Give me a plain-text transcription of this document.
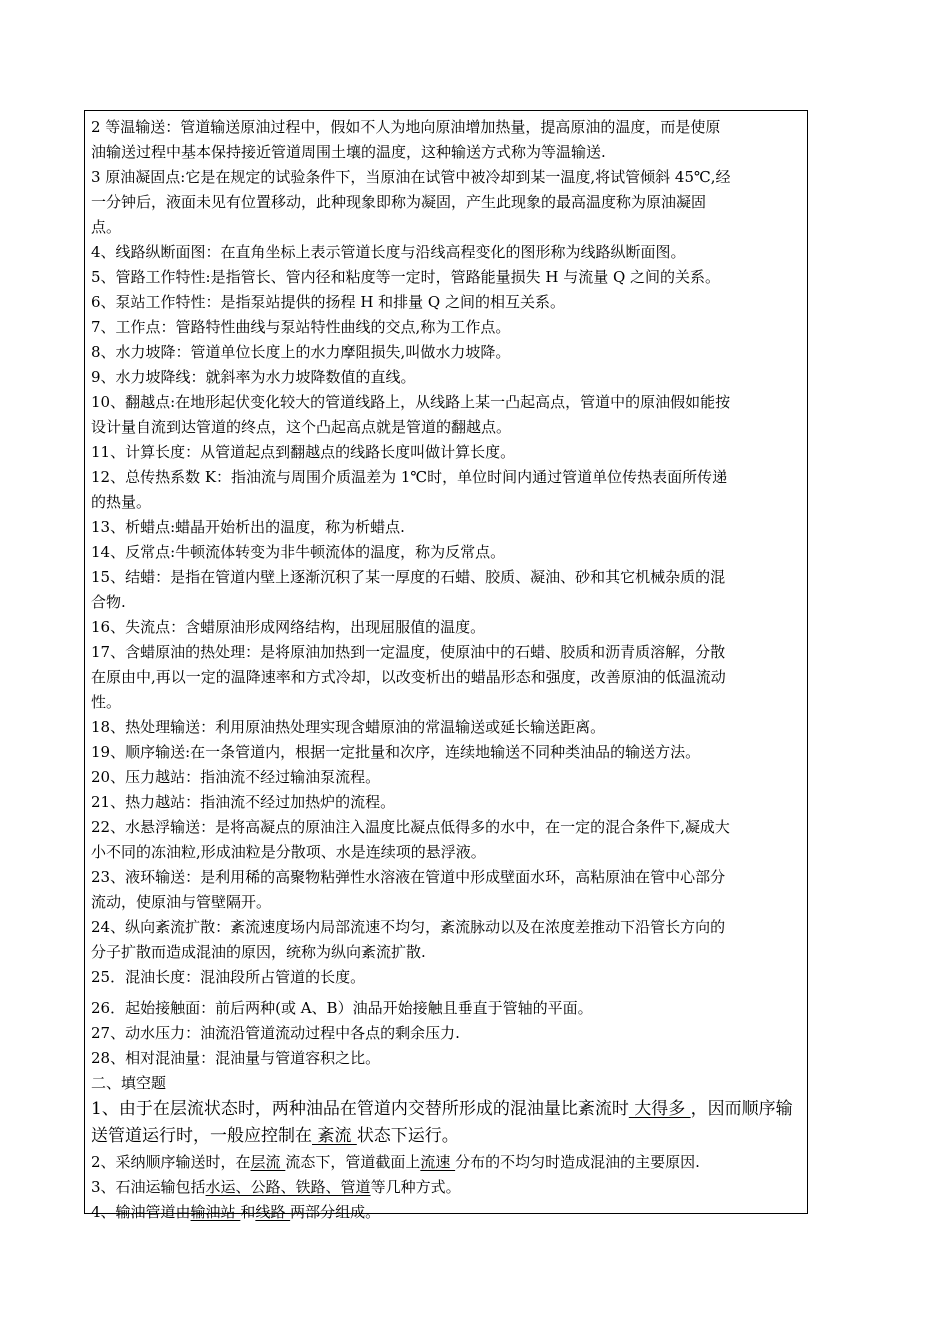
2 等温输送：管道输送原油过程中，假如不人为地向原油增加热量，提高原油的温度，而是使原
油输送过程中基本保持接近管道周围土壤的温度，这种输送方式称为等温输送.
3 原油凝固点:它是在规定的试验条件下，当原油在试管中被冷却到某一温度,将试管倾斜 45℃,经
一分钟后，液面未见有位置移动，此种现象即称为凝固，产生此现象的最高温度称为原油凝固
点。
4、线路纵断面图：在直角坐标上表示管道长度与沿线高程变化的图形称为线路纵断面图。
5、管路工作特性:是指管长、管内径和粘度等一定时，管路能量损失 H 与流量 Q 之间的关系。
6、泵站工作特性：是指泵站提供的扬程 H 和排量 Q 之间的相互关系。
7、工作点：管路特性曲线与泵站特性曲线的交点,称为工作点。
8、水力坡降：管道单位长度上的水力摩阻损失,叫做水力坡降。
9、水力坡降线：就斜率为水力坡降数值的直线。
10、翻越点:在地形起伏变化较大的管道线路上，从线路上某一凸起高点，管道中的原油假如能按
设计量自流到达管道的终点，这个凸起高点就是管道的翻越点。
11、计算长度：从管道起点到翻越点的线路长度叫做计算长度。
12、总传热系数 K：指油流与周围介质温差为 1℃时，单位时间内通过管道单位传热表面所传递
的热量。
13、析蜡点:蜡晶开始析出的温度，称为析蜡点.
14、反常点:牛顿流体转变为非牛顿流体的温度，称为反常点。
15、结蜡：是指在管道内壁上逐渐沉积了某一厚度的石蜡、胶质、凝油、砂和其它机械杂质的混
合物.
16、失流点：含蜡原油形成网络结构，出现屈服值的温度。
17、含蜡原油的热处理：是将原油加热到一定温度，使原油中的石蜡、胶质和沥青质溶解，分散
在原由中,再以一定的温降速率和方式冷却，以改变析出的蜡晶形态和强度，改善原油的低温流动
性。
18、热处理输送：利用原油热处理实现含蜡原油的常温输送或延长输送距离。
19、顺序输送:在一条管道内，根据一定批量和次序，连续地输送不同种类油品的输送方法。
20、压力越站：指油流不经过输油泵流程。
21、热力越站：指油流不经过加热炉的流程。
22、水悬浮输送：是将高凝点的原油注入温度比凝点低得多的水中，在一定的混合条件下,凝成大
小不同的冻油粒,形成油粒是分散项、水是连续项的悬浮液。
23、液环输送：是利用稀的高聚物粘弹性水溶液在管道中形成壁面水环，高粘原油在管中心部分
流动，使原油与管壁隔开。
24、纵向紊流扩散：紊流速度场内局部流速不均匀，紊流脉动以及在浓度差推动下沿管长方向的
分子扩散而造成混油的原因，统称为纵向紊流扩散.
25．混油长度：混油段所占管道的长度。
26．起始接触面：前后两种(或 A、B）油品开始接触且垂直于管轴的平面。
27、动水压力：油流沿管道流动过程中各点的剩余压力.
28、相对混油量：混油量与管道容积之比。
二、填空题
1、由于在层流状态时，两种油品在管道内交替所形成的混油量比紊流时 大得多 ，因而顺序输
送管道运行时，一般应控制在 紊流 状态下运行。
2、采纳顺序输送时，在层流 流态下，管道截面上流速 分布的不均匀时造成混油的主要原因.
3、石油运输包括水运、公路、铁路、管道等几种方式。
4、输油管道由输油站 和线路 两部分组成。
